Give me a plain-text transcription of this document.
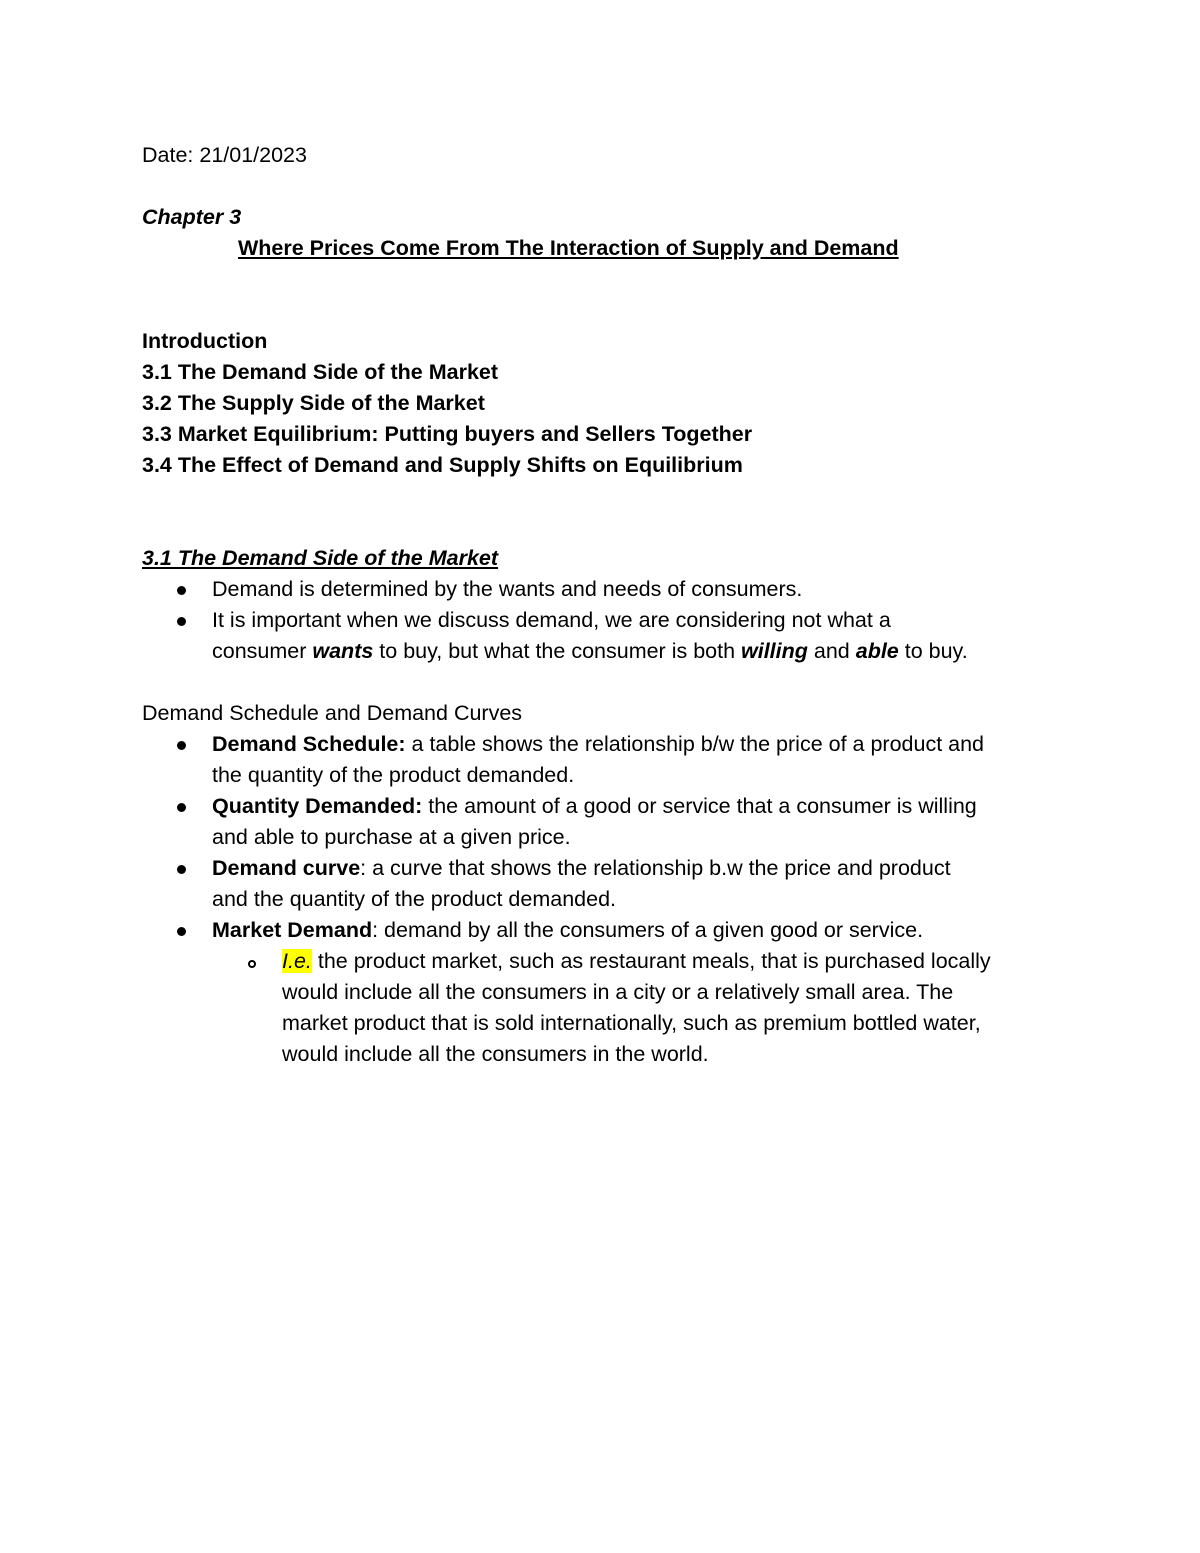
Date: 21/01/2023
Chapter 3
Where Prices Come From The Interaction of Supply and Demand
Introduction
3.1 The Demand Side of the Market
3.2 The Supply Side of the Market
3.3 Market Equilibrium: Putting buyers and Sellers Together
3.4 The Effect of Demand and Supply Shifts on Equilibrium
3.1 The Demand Side of the Market
Demand is determined by the wants and needs of consumers.
It is important when we discuss demand, we are considering not what a
consumer wants to buy, but what the consumer is both willing and able to buy.
Demand Schedule and Demand Curves
Demand Schedule: a table shows the relationship b/w the price of a product and
the quantity of the product demanded.
Quantity Demanded: the amount of a good or service that a consumer is willing
and able to purchase at a given price.
Demand curve: a curve that shows the relationship b.w the price and product
and the quantity of the product demanded.
Market Demand: demand by all the consumers of a given good or service.
I.e. the product market, such as restaurant meals, that is purchased locally
would include all the consumers in a city or a relatively small area. The
market product that is sold internationally, such as premium bottled water,
would include all the consumers in the world.
